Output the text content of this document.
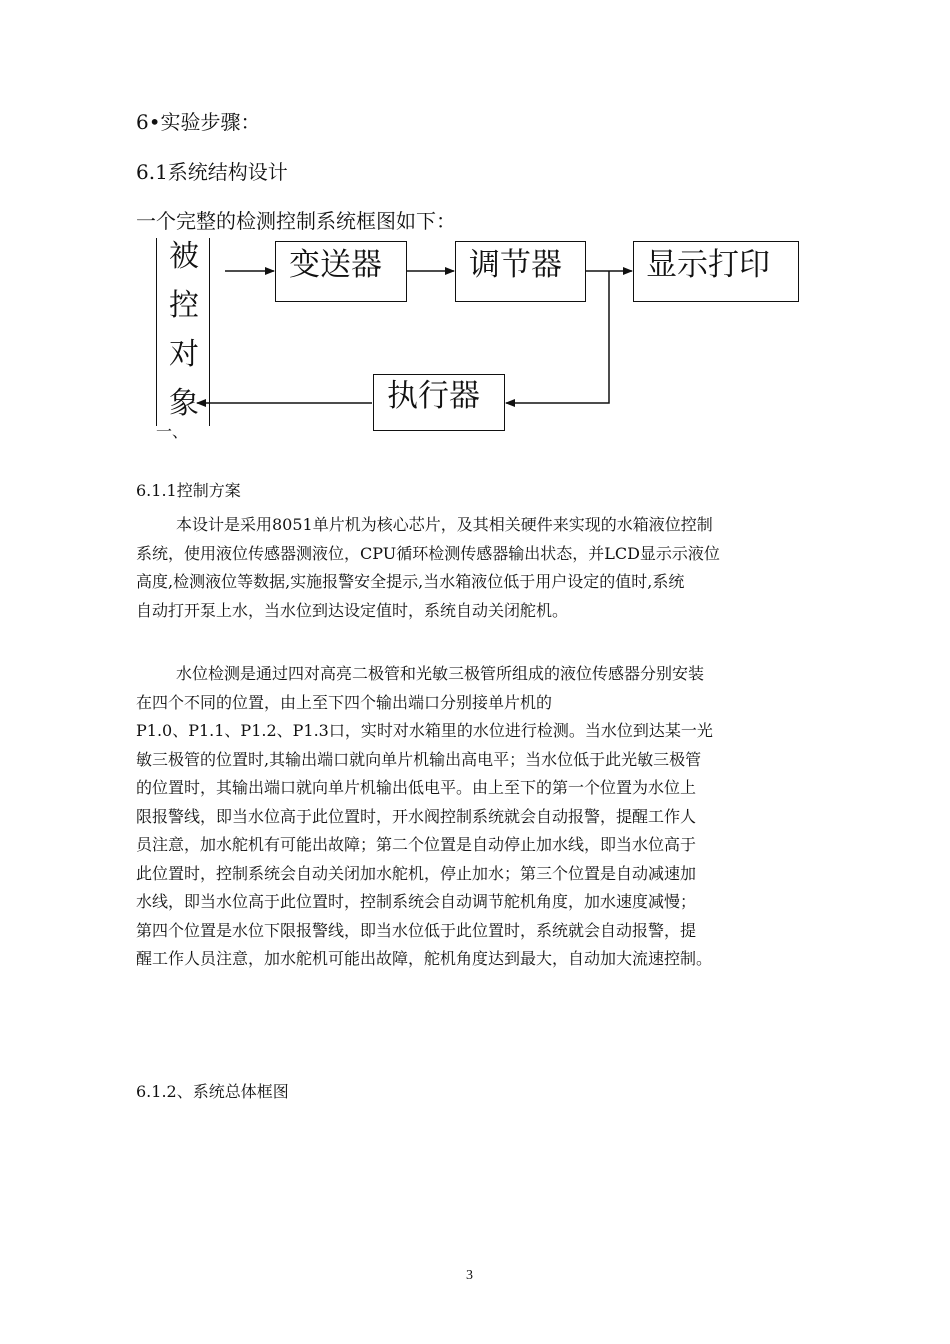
6•实验步骤：
6.1系统结构设计
一个完整的检测控制系统框图如下：
被
控
对
象
一、
变送器	调节器	显示打印
执行器
6.1.1控制方案
本设计是采用8051单片机为核心芯片，及其相关硬件来实现的水箱液位控制
系统，使用液位传感器测液位，CPU循环检测传感器输出状态，并LCD显示示液位
高度,检测液位等数据,实施报警安全提示,当水箱液位低于用户设定的值时,系统
自动打开泵上水，当水位到达设定值时，系统自动关闭舵机。
水位检测是通过四对高亮二极管和光敏三极管所组成的液位传感器分别安装
在四个不同的位置，由上至下四个输出端口分别接单片机的
P1.0、P1.1、P1.2、P1.3口，实时对水箱里的水位进行检测。当水位到达某一光
敏三极管的位置时,其输出端口就向单片机输出高电平；当水位低于此光敏三极管
的位置时，其输出端口就向单片机输出低电平。由上至下的第一个位置为水位上
限报警线，即当水位高于此位置时，开水阀控制系统就会自动报警，提醒工作人
员注意，加水舵机有可能出故障；第二个位置是自动停止加水线，即当水位高于
此位置时，控制系统会自动关闭加水舵机，停止加水；第三个位置是自动减速加
水线，即当水位高于此位置时，控制系统会自动调节舵机角度，加水速度减慢；
第四个位置是水位下限报警线，即当水位低于此位置时，系统就会自动报警，提
醒工作人员注意，加水舵机可能出故障，舵机角度达到最大，自动加大流速控制。
6.1.2、系统总体框图
3
